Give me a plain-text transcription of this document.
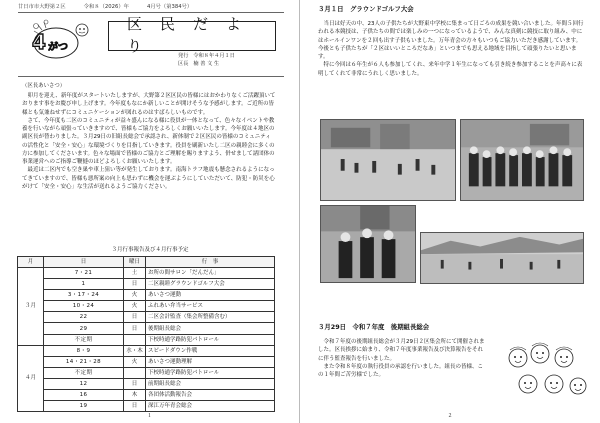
廿日市市大野第２区	令和８（2026）年	4月号（第384号）
4 がつ
区民だより
発行 令和８年４月１日
区長 楠 善 文 生
（区長あいさつ）

卯月を迎え、新年度がスタートいたしますが、大野第２区区民の皆様にはおかわりなくご活躍頂いております事をお慶び申し上げます。今年度もなにか新しいことが開けそうな予感がします。ご近所の皆様とも気兼ねせずにコミュニケーションが図れるのはすばらしいものです。

さて、今年度も二区のコミュニティが益々盛んになる様に役員が一体となって、色々なイベントや教養を行いながら頑張っていきますので、皆様もご協力をよろしくお願いいたします。今年度は４地区の副区長が替わりました。３月29日の旧組長総会で承認され、新体制で２区区民の皆様のコミュニティの活性化と「安全・安心」な環境づくりを目指していきます。役員を刷新いたし二区の親睦会に多くの方に参加してくださいます。色々な場面で皆様のご協力とご理解を賜りますよう、併せまして諸団体の事業運営へのご指導ご鞭撻のほどよろしくお願いいたします。

最近は二区内でも空き巣や車上狙い等が発生しております。南海トラフ地震も懸念されるようになってきていますので、皆様も悪所案の向上も思わずに機会を運ぶようにしていただいて、防犯・防災を心がけて「安全・安心」な生活が送れるようご協力ください。

３月行事報告及び４月行事予定
月	日	曜日	行　事
３月	7・21	土	お所の間サロン「だんだん」
	1	日	二区親睦グラウンドゴルフ大会
	3・17・24	火	あいさつ運動
	10・24	火	ふれあい弁当サービス
	22	日	二区会計監査（集会所整備含む）
	29	日	後期組長総会
	不定期		下校時通学路防犯パトロール
４月	8・9	水・木	スピードダウン作戦
	14・21・28	火	あいさつ運動理解
	不定期		下校時通学路防犯パトロール
	12	日	前期組長総会
	16	木	各団体活動報告会
	19	日	深江万年青会総会
１	２
３月１日　グラウンドゴルフ大会

当日は好天の中、23人の子供たちが大野東中学校に集まって日ごろの成果を競い合いました。年間５回行われる本競技は、子供たちの間では楽しみの一つになっているようで、みんな真剣に競技に取り組み、中にはホールインワンを２回も出す子供もいました。万年青会の方々もいつもご協力いただき感謝しています。今後とも子供たちが「２区はいいところだなあ」といつまでも思える地域を目指して頑張りたいと思います。

特に今回は６年生が６人も参加してくれ、来年中学１年生になっても引き続き参加することを声高々に表明してくれて非常にうれしく思いました。

３月29日　令和７年度　後期組長総会

令和７年度の後期組長総会が３月29日２区集会所にて開催されました。区長挨拶に始まり、令和７年度事業報告及び決算報告をそれに伴う監査報告を行いました。

また令和８年度の執行役員の承認を行いました。組長の皆様、この１年間ご苦労様でした。
